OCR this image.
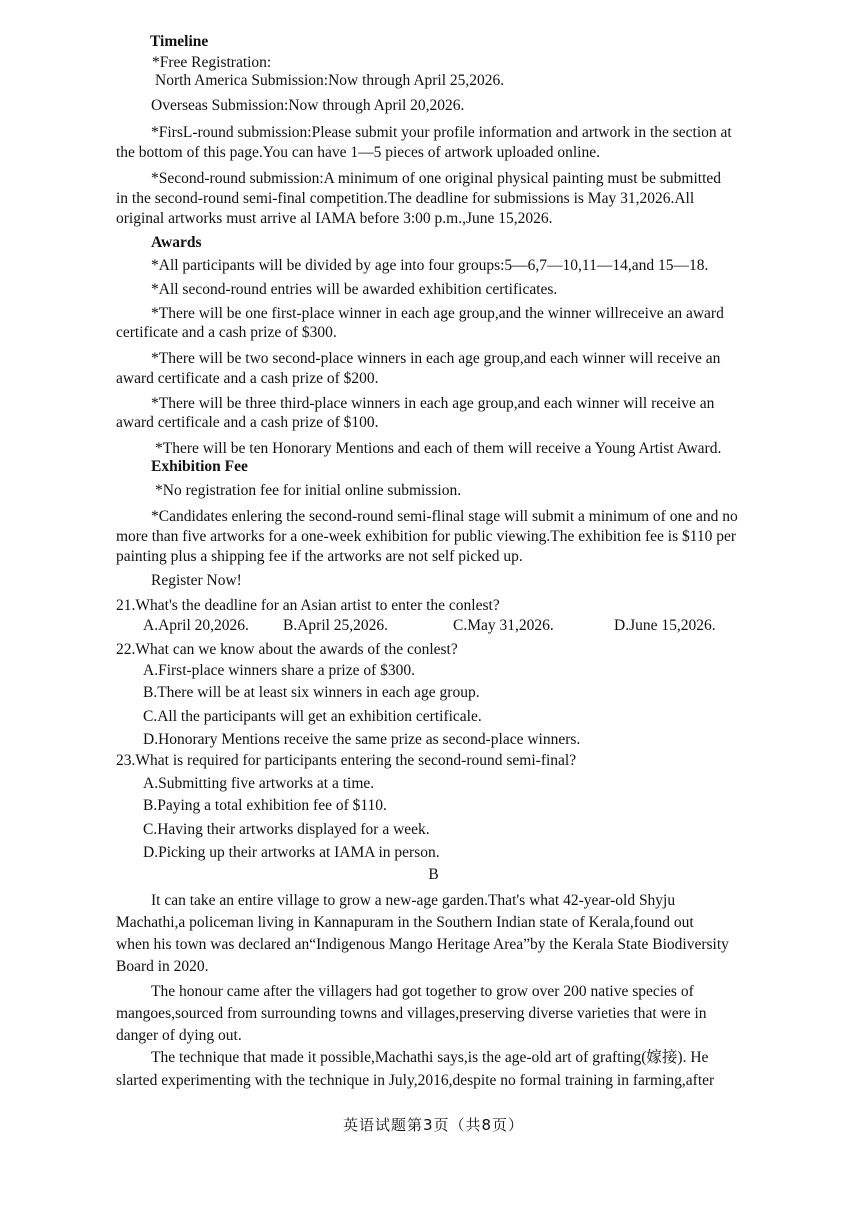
Timeline
*Free Registration:
North America Submission:Now through April 25,2026.
Overseas Submission:Now through April 20,2026.
*FirsL-round submission:Please submit your profile information and artwork in the section at
the bottom of this page.You can have 1—5 pieces of artwork uploaded online.
*Second-round submission:A minimum of one original physical painting must be submitted
in the second-round semi-final competition.The deadline for submissions is May 31,2026.All
original artworks must arrive al IAMA before 3:00 p.m.,June 15,2026.
Awards
*All participants will be divided by age into four groups:5—6,7—10,11—14,and 15—18.
*All second-round entries will be awarded exhibition certificates.
*There will be one first-place winner in each age group,and the winner willreceive an award
certificate and a cash prize of $300.
*There will be two second-place winners in each age group,and each winner will receive an
award certificate and a cash prize of $200.
*There will be three third-place winners in each age group,and each winner will receive an
award certificale and a cash prize of $100.
*There will be ten Honorary Mentions and each of them will receive a Young Artist Award.
Exhibition Fee
*No registration fee for initial online submission.
*Candidates enlering the second-round semi-flinal stage will submit a minimum of one and no
more than five artworks for a one-week exhibition for public viewing.The exhibition fee is $110 per
painting plus a shipping fee if the artworks are not self picked up.
Register Now!
21.What's the deadline for an Asian artist to enter the conlest?
A.April 20,2026. B.April 25,2026.	C.May 31,2026.	D.June 15,2026.
22.What can we know about the awards of the conlest?
A.First-place winners share a prize of $300.
B.There will be at least six winners in each age group.
C.All the participants will get an exhibition certificale.
D.Honorary Mentions receive the same prize as second-place winners.
23.What is required for participants entering the second-round semi-final?
A.Submitting five artworks at a time.
B.Paying a total exhibition fee of $110.
C.Having their artworks displayed for a week.
D.Picking up their artworks at IAMA in person.
B
It can take an entire village to grow a new-age garden.That's what 42-year-old Shyju
Machathi,a policeman living in Kannapuram in the Southern Indian state of Kerala,found out
when his town was declared an“Indigenous Mango Heritage Area”by the Kerala State Biodiversity
Board in 2020.
The honour came after the villagers had got together to grow over 200 native species of
mangoes,sourced from surrounding towns and villages,preserving diverse varieties that were in
danger of dying out.
The technique that made it possible,Machathi says,is the age-old art of grafting(嫁接). He
slarted experimenting with the technique in July,2016,despite no formal training in farming,after
英语试题第3页（共8页）
